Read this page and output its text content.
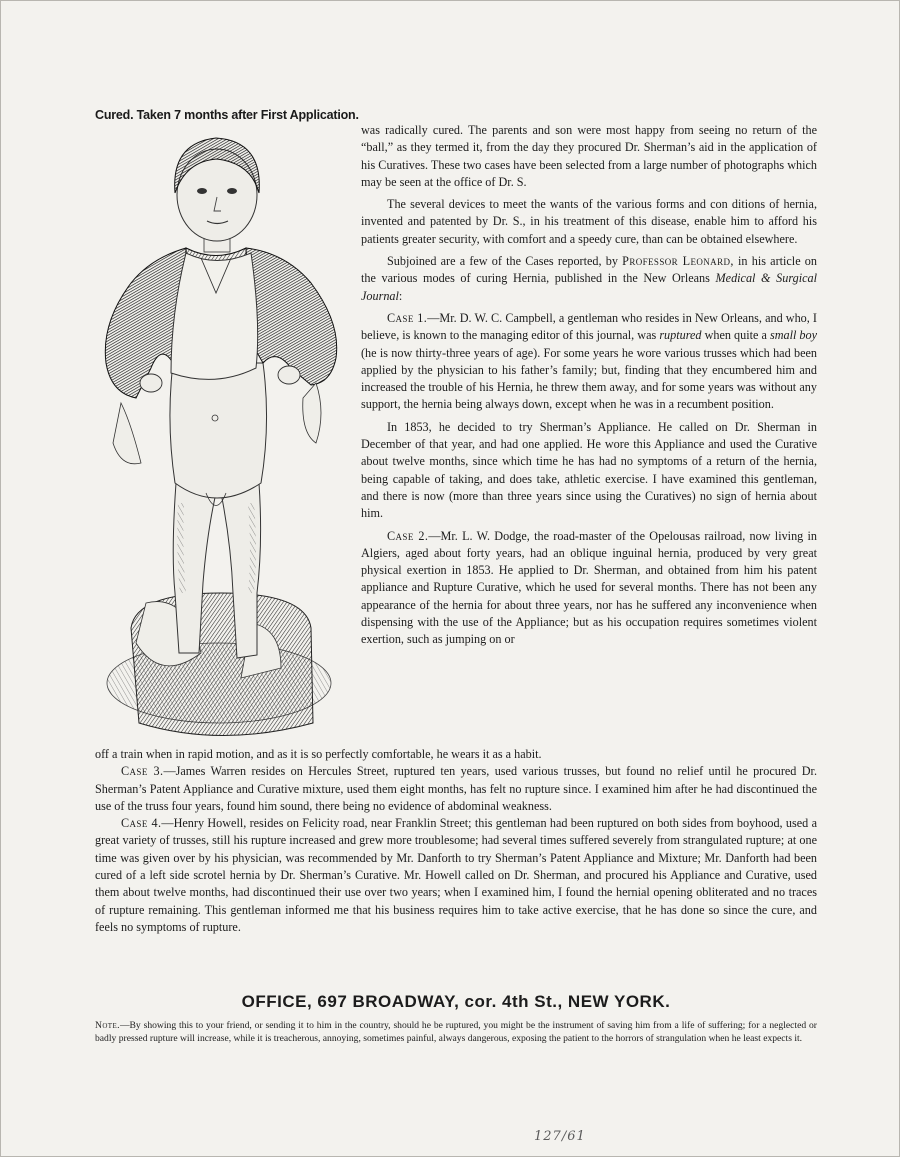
Cured. Taken 7 months after First Application.

was radically cured. The parents and son were most happy from seeing no return of the “ball,” as they termed it, from the day they procured Dr. Sherman’s aid in the application of his Curatives. These two cases have been selected from a large number of photographs which may be seen at the office of Dr. S.

The several devices to meet the wants of the various forms and con ditions of hernia, invented and patented by Dr. S., in his treatment of this disease, enable him to afford his patients greater security, with comfort and a speedy cure, than can be obtained elsewhere.

Subjoined are a few of the Cases reported, by Professor Leonard, in his article on the various modes of curing Hernia, published in the New Orleans Medical & Surgical Journal:

Case 1.—Mr. D. W. C. Campbell, a gentleman who resides in New Orleans, and who, I believe, is known to the managing editor of this journal, was ruptured when quite a small boy (he is now thirty-three years of age). For some years he wore various trusses which had been applied by the physician to his father’s family; but, finding that they encumbered him and increased the trouble of his Hernia, he threw them away, and for some years was without any support, the hernia being always down, except when he was in a recumbent position.

In 1853, he decided to try Sherman’s Appliance. He called on Dr. Sherman in December of that year, and had one applied. He wore this Appliance and used the Curative about twelve months, since which time he has had no symptoms of a return of the hernia, being capable of taking, and does take, athletic exercise. I have examined this gentleman, and there is now (more than three years since using the Curatives) no sign of hernia about him.

Case 2.—Mr. L. W. Dodge, the road-master of the Opelousas railroad, now living in Algiers, aged about forty years, had an oblique inguinal hernia, produced by very great physical exertion in 1853. He applied to Dr. Sherman, and obtained from him his patent appliance and Rupture Curative, which he used for several months. There has not been any appearance of the hernia for about three years, nor has he suffered any inconvenience when dispensing with the use of the Appliance; but as his occupation requires sometimes violent exertion, such as jumping on or

off a train when in rapid motion, and as it is so perfectly comfortable, he wears it as a habit.

Case 3.—James Warren resides on Hercules Street, ruptured ten years, used various trusses, but found no relief until he procured Dr. Sherman’s Patent Appliance and Curative mixture, used them eight months, has felt no rupture since. I examined him after he had discontinued the use of the truss four years, found him sound, there being no evidence of abdominal weakness.

Case 4.—Henry Howell, resides on Felicity road, near Franklin Street; this gentleman had been ruptured on both sides from boyhood, used a great variety of trusses, still his rupture increased and grew more troublesome; had several times suffered severely from strangulated rupture; at one time was given over by his physician, was recommended by Mr. Danforth to try Sherman’s Patent Appliance and Mixture; Mr. Danforth had been cured of a left side scrotel hernia by Dr. Sherman’s Curative. Mr. Howell called on Dr. Sherman, and procured his Appliance and Curative, used them about twelve months, had discontinued their use over two years; when I examined him, I found the hernial opening obliterated and no traces of rupture remaining. This gentleman informed me that his business requires him to take active exercise, that he has done so since the cure, and feels no symptoms of rupture.

OFFICE, 697 BROADWAY, cor. 4th St., NEW YORK.
Note.—By showing this to your friend, or sending it to him in the country, should he be ruptured, you might be the instrument of saving him from a life of suffering; for a neglected or badly pressed rupture will increase, while it is treacherous, annoying, sometimes painful, always dangerous, exposing the patient to the horrors of strangulation when he least expects it.
127/61
